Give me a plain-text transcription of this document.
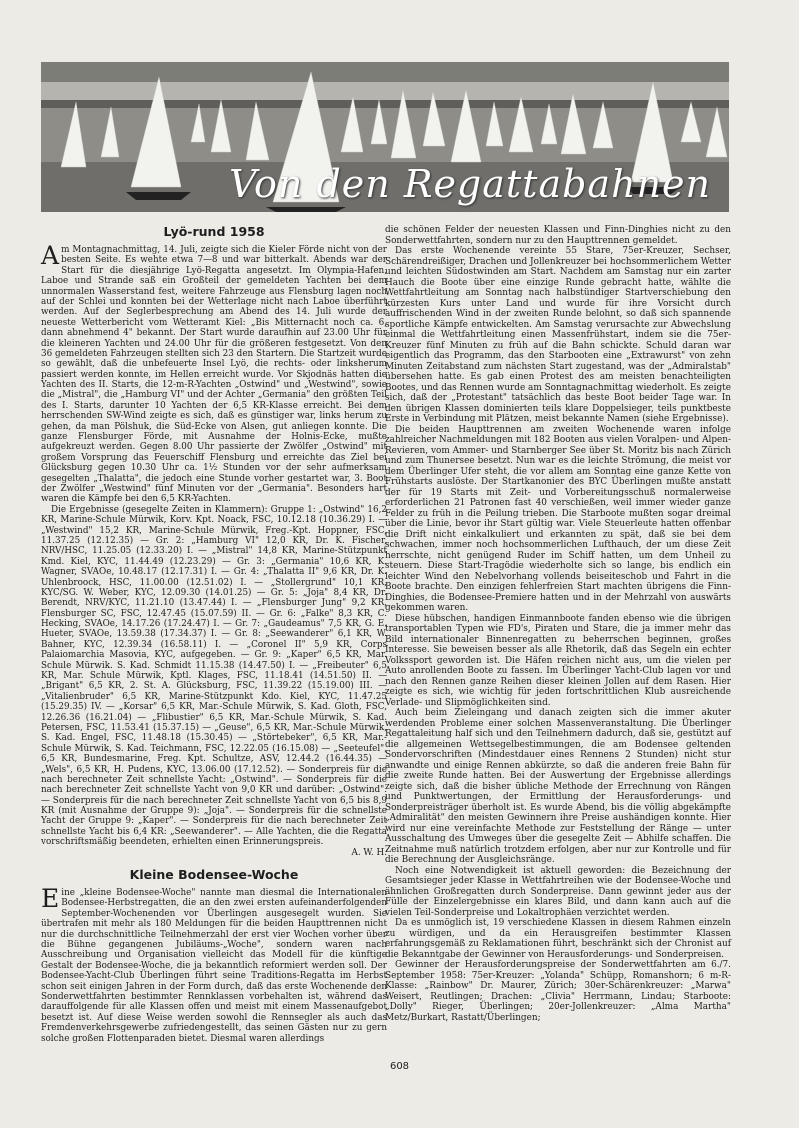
Von den Regattabahnen
Lyö-rund 1958

Am Montagnachmittag, 14. Juli, zeigte sich die Kieler Förde nicht von der besten Seite. Es wehte etwa 7—8 und war bitterkalt. Abends war der Start für die diesjährige Lyö-Regatta angesetzt. Im Olympia-Hafen, Laboe und Strande saß ein Großteil der gemeldeten Yachten bei dem unnormalen Wasserstand fest, weitere Fahrzeuge aus Flensburg lagen noch auf der Schlei und konnten bei der Wetterlage nicht nach Laboe überführt werden. Auf der Seglerbesprechung am Abend des 14. Juli wurde der neueste Wetterbericht vom Wetteramt Kiel: „Bis Mitternacht noch ca. 6, dann abnehmend 4" bekannt. Der Start wurde daraufhin auf 23.00 Uhr für die kleineren Yachten und 24.00 Uhr für die größeren festgesetzt. Von den 36 gemeldeten Fahrzeugen stellten sich 23 den Startern. Die Startzeit wurde so gewählt, daß die unbefeuerte Insel Lyö, die rechts- oder linksherum passiert werden konnte, im Hellen erreicht wurde. Vor Skjodnäs hatten die Yachten des II. Starts, die 12-m-R-Yachten „Ostwind" und „Westwind", sowie die „Mistral", die „Hamburg VI" und der Achter „Germania" den größten Teil des I. Starts, darunter 10 Yachten der 6,5 KR-Klasse erreicht. Bei dem herrschenden SW-Wind zeigte es sich, daß es günstiger war, links herum zu gehen, da man Pölshuk, die Süd-Ecke von Alsen, gut anliegen konnte. Die ganze Flensburger Förde, mit Ausnahme der Holnis-Ecke, mußte aufgekreuzt werden. Gegen 8.00 Uhr passierte der Zwölfer „Ostwind" mit großem Vorsprung das Feuerschiff Flensburg und erreichte das Ziel bei Glücksburg gegen 10.30 Uhr ca. 1½ Stunden vor der sehr aufmerksam gesegelten „Thalatta", die jedoch eine Stunde vorher gestartet war, 3. Boot der Zwölfer „Westwind" fünf Minuten vor der „Germania". Besonders hart waren die Kämpfe bei den 6,5 KR-Yachten.

Die Ergebnisse (gesegelte Zeiten in Klammern): Gruppe 1: „Ostwind" 16,2 KR, Marine-Schule Mürwik, Korv. Kpt. Noack, FSC, 10.12.18 (10.36.29) I. — „Westwind" 15,2 KR, Marine-Schule Mürwik, Freg.-Kpt. Hoppner, FSC, 11.37.25 (12.12.35) — Gr. 2: „Hamburg VI" 12,0 KR, Dr. K. Fischer, NRV/HSC, 11.25.05 (12.33.20) I. — „Mistral" 14,8 KR, Marine-Stützpunkt Kmd. Kiel, KYC, 11.44.49 (12.23.29) — Gr. 3: „Germania" 10,6 KR, K. Wagner, SVAOe, 10.48.17 (12.17.31) I. — Gr. 4: „Thalatta II" 9,6 KR, Dr. K. Uhlenbroock, HSC, 11.00.00 (12.51.02) I. — „Stollergrund" 10,1 KR, KYC/SG. W. Weber, KYC, 12.09.30 (14.01.25) — Gr. 5: „Joja" 8,4 KR, Dr. Berendt, NRV/KYC, 11.21.10 (13.47.44) I. — „Flensburger Jung" 9,2 KR, Flensburger SC, FSC, 12.47.45 (15.07.59) II. — Gr. 6: „Falke" 8,3 KR, C. Hecking, SVAOe, 14.17.26 (17.24.47) I. — Gr. 7: „Gaudeamus" 7,5 KR, G. E. Hueter, SVAOe, 13.59.38 (17.34.37) I. — Gr. 8: „Seewanderer" 6,1 KR, W. Bahner, KYC, 12.39.34 (16.58.11) I. — „Coronel II" 5,9 KR, Corps Palaiomarchia Masovia, KYC, aufgegeben. — Gr. 9: „Kaper" 6,5 KR, Mar. Schule Mürwik. S. Kad. Schmidt 11.15.38 (14.47.50) I. — „Freibeuter" 6,5 KR, Mar. Schule Mürwik, Kptl. Klages, FSC, 11.18.41 (14.51.50) II. — „Brigant" 6,5 KR, 2. St. A. Glücksburg, FSC, 11.39.22 (15.19.00) III. — „Vitalienbruder" 6,5 KR, Marine-Stützpunkt Kdo. Kiel, KYC, 11.47.25 (15.29.35) IV. — „Korsar" 6,5 KR, Mar.-Schule Mürwik, S. Kad. Gloth, FSC, 12.26.36 (16.21.04) — „Flibustier" 6,5 KR, Mar.-Schule Mürwik, S. Kad. Petersen, FSC, 11.53.41 (15.37.15) — „Geuse", 6,5 KR, Mar.-Schule Mürwik, S. Kad. Engel, FSC, 11.48.18 (15.30.45) — „Störtebeker", 6,5 KR, Mar.-Schule Mürwik, S. Kad. Teichmann, FSC, 12.22.05 (16.15.08) — „Seeteufel", 6,5 KR, Bundesmarine, Freg. Kpt. Schultze, ASV, 12.44.2 (16.44.35) — „Wels", 6,5 KR, H. Pudens, KYC, 13.06.00 (17.12.52). — Sonderpreis für die nach berechneter Zeit schnellste Yacht: „Ostwind". — Sonderpreis für die nach berechneter Zeit schnellste Yacht von 9,0 KR und darüber: „Ostwind". — Sonderpreis für die nach berechneter Zeit schnellste Yacht von 6,5 bis 8,9 KR (mit Ausnahme der Gruppe 9): „Joja". — Sonderpreis für die schnellste Yacht der Gruppe 9: „Kaper". — Sonderpreis für die nach berechneter Zeit schnellste Yacht bis 6,4 KR: „Seewanderer". — Alle Yachten, die die Regatta vorschriftsmäßig beendeten, erhielten einen Erinnerungspreis.

A. W. H.
Kleine Bodensee-Woche

Eine „kleine Bodensee-Woche" nannte man diesmal die Internationalen Bodensee-Herbstregatten, die an den zwei ersten aufeinanderfolgenden September-Wochenenden vor Überlingen ausgesegelt wurden. Sie übertrafen mit mehr als 180 Meldungen für die beiden Haupttrennen nicht nur die durchschnittliche Teilnehmerzahl der erst vier Wochen vorher über die Bühne gegangenen Jubiläums-„Woche", sondern waren nach Ausschreibung und Organisation vielleicht das Modell für die künftige Gestalt der Bodensee-Woche, die ja bekanntlich reformiert werden soll. Der Bodensee-Yacht-Club Überlingen führt seine Traditions-Regatta im Herbst schon seit einigen Jahren in der Form durch, daß das erste Wochenende den Sonderwettfahrten bestimmter Rennklassen vorbehalten ist, während das darauffolgende für alle Klassen offen und meist mit einem Massenaufgebot besetzt ist. Auf diese Weise werden sowohl die Rennsegler als auch das Fremdenverkehrsgewerbe zufriedengestellt, das seinen Gästen nur zu gern solche großen Flottenparaden bietet. Diesmal waren allerdings

die schönen Felder der neuesten Klassen und Finn-Dinghies nicht zu den Sonderwettfahrten, sondern nur zu den Haupttrennen gemeldet.

Das erste Wochenende vereinte 55 Stare, 75er-Kreuzer, Sechser, Schärendreißiger, Drachen und Jollenkreuzer bei hochsommerlichem Wetter und leichten Südostwinden am Start. Nachdem am Samstag nur ein zarter Hauch die Boote über eine einzige Runde gebracht hatte, wählte die Wettfahrtleitung am Sonntag nach halbstündiger Startverschiebung den kürzesten Kurs unter Land und wurde für ihre Vorsicht durch auffrischenden Wind in der zweiten Runde belohnt, so daß sich spannende sportliche Kämpfe entwickelten. Am Samstag verursachte zur Abwechslung einmal die Wettfahrtleitung einen Massenfrühstart, indem sie die 75er-Kreuzer fünf Minuten zu früh auf die Bahn schickte. Schuld daran war eigentlich das Programm, das den Starbooten eine „Extrawurst" von zehn Minuten Zeitabstand zum nächsten Start zugestand, was der „Admiralstab" übersehen hatte. Es gab einen Protest des am meisten benachteiligten Bootes, und das Rennen wurde am Sonntagnachmittag wiederholt. Es zeigte sich, daß der „Protestant" tatsächlich das beste Boot beider Tage war. In den übrigen Klassen dominierten teils klare Doppelsieger, teils punktbeste Erste in Verbindung mit Plätzen, meist bekannte Namen (siehe Ergebnisse).

Die beiden Haupttrennen am zweiten Wochenende waren infolge zahlreicher Nachmeldungen mit 182 Booten aus vielen Voralpen- und Alpen-Revieren, vom Ammer- und Starnberger See über St. Moritz bis nach Zürich und zum Thunersee besetzt. Nun war es die leichte Strömung, die meist vor dem Überlinger Ufer steht, die vor allem am Sonntag eine ganze Kette von Frühstarts auslöste. Der Startkanonier des BYC Überlingen mußte anstatt der für 19 Starts mit Zeit- und Vorbereitungsschuß normalerweise erforderlichen 21 Patronen fast 40 verschießen, weil immer wieder ganze Felder zu früh in die Peilung trieben. Die Starboote mußten sogar dreimal über die Linie, bevor ihr Start gültig war. Viele Steuerleute hatten offenbar die Drift nicht einkalkuliert und erkannten zu spät, daß sie bei dem schwachen, immer noch hochsommerlichen Lufthauch, der um diese Zeit herrschte, nicht genügend Ruder im Schiff hatten, um dem Unheil zu steuern. Diese Start-Tragödie wiederholte sich so lange, bis endlich ein leichter Wind den Nebelvorhang vollends beiseiteschob und Fahrt in die Boote brachte. Den einzigen fehlerfreien Start machten übrigens die Finn-Dinghies, die Bodensee-Premiere hatten und in der Mehrzahl von auswärts gekommen waren.

Diese hübschen, handigen Einmannboote fanden ebenso wie die übrigen transportablen Typen wie FD's, Piraten und Stare, die ja immer mehr das Bild internationaler Binnenregatten zu beherrschen beginnen, großes Interesse. Sie beweisen besser als alle Rhetorik, daß das Segeln ein echter Volkssport geworden ist. Die Häfen reichen nicht aus, um die vielen per Auto anrollenden Boote zu fassen. Im Überlinger Yacht-Club lagen vor und nach den Rennen ganze Reihen dieser kleinen Jollen auf dem Rasen. Hier zeigte es sich, wie wichtig für jeden fortschrittlichen Klub ausreichende Verlade- und Slipmöglichkeiten sind.

Auch beim Zieleingang und danach zeigten sich die immer akuter werdenden Probleme einer solchen Massenveranstaltung. Die Überlinger Regattaleitung half sich und den Teilnehmern dadurch, daß sie, gestützt auf die allgemeinen Wettsegelbestimmungen, die am Bodensee geltenden Sondervorschriften (Mindestdauer eines Rennens 2 Stunden) nicht stur anwandte und einige Rennen abkürzte, so daß die anderen freie Bahn für die zweite Runde hatten. Bei der Auswertung der Ergebnisse allerdings zeigte sich, daß die bisher übliche Methode der Errechnung von Rängen und Punktwertungen, der Ermittlung der Herausforderungs- und Sonderpreisträger überholt ist. Es wurde Abend, bis die völlig abgekämpfte „Admiralität" den meisten Gewinnern ihre Preise aushändigen konnte. Hier wird nur eine vereinfachte Methode zur Feststellung der Ränge — unter Ausschaltung des Umweges über die gesegelte Zeit — Abhilfe schaffen. Die Zeitnahme muß natürlich trotzdem erfolgen, aber nur zur Kontrolle und für die Berechnung der Ausgleichsränge.

Noch eine Notwendigkeit ist aktuell geworden: die Bezeichnung der Gesamtsieger jeder Klasse in Wettfahrtreihen wie der Bodensee-Woche und ähnlichen Großregatten durch Sonderpreise. Dann gewinnt jeder aus der Fülle der Einzelergebnisse ein klares Bild, und dann kann auch auf die vielen Teil-Sonderpreise und Lokaltrophäen verzichtet werden.

Da es unmöglich ist, 19 verschiedene Klassen in diesem Rahmen einzeln zu würdigen, und da ein Herausgreifen bestimmter Klassen erfahrungsgemäß zu Reklamationen führt, beschränkt sich der Chronist auf die Bekanntgabe der Gewinner von Herausforderungs- und Sonderpreisen.

Gewinner der Herausforderungspreise der Sonderwettfahrten am 6./7. September 1958: 75er-Kreuzer: „Yolanda" Schüpp, Romanshorn; 6 m-R-Klasse: „Rainbow" Dr. Maurer, Zürich; 30er-Schärenkreuzer: „Marwa" Weisert, Reutlingen; Drachen: „Clivia" Herrmann, Lindau; Starboote: „Dolly" Rieger, Überlingen; 20er-Jollenkreuzer: „Alma Martha" Metz/Burkart, Rastatt/Überlingen;

608
